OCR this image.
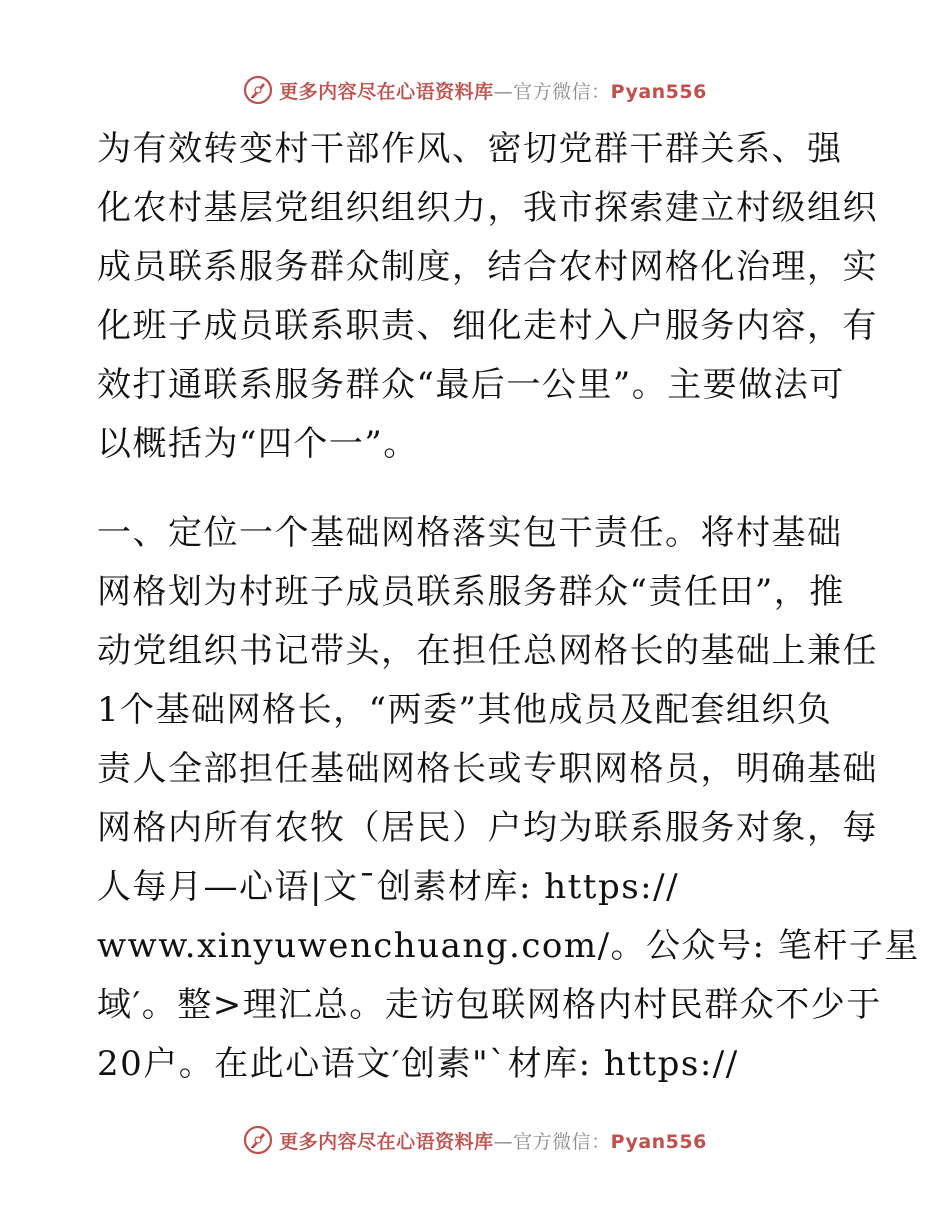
更多内容尽在心语资料库—官方微信：Pyan556
为有效转变村干部作风、密切党群干群关系、强
化农村基层党组织组织力，我市探索建立村级组织
成员联系服务群众制度，结合农村网格化治理，实
化班子成员联系职责、细化走村入户服务内容，有
效打通联系服务群众“最后一公里”。主要做法可
以概括为“四个一”。
一、定位一个基础网格落实包干责任。将村基础
网格划为村班子成员联系服务群众“责任田”，推
动党组织书记带头，在担任总网格长的基础上兼任
1个基础网格长，“两委”其他成员及配套组织负
责人全部担任基础网格长或专职网格员，明确基础
网格内所有农牧（居民）户均为联系服务对象，每
人每月—心语|文¯创素材库: https://
www.xinyuwenchuang.com/。公众号: 笔杆子星
域′。整>理汇总。走访包联网格内村民群众不少于
20户。在此心语文′创素"`材库: https://
更多内容尽在心语资料库—官方微信：Pyan556
